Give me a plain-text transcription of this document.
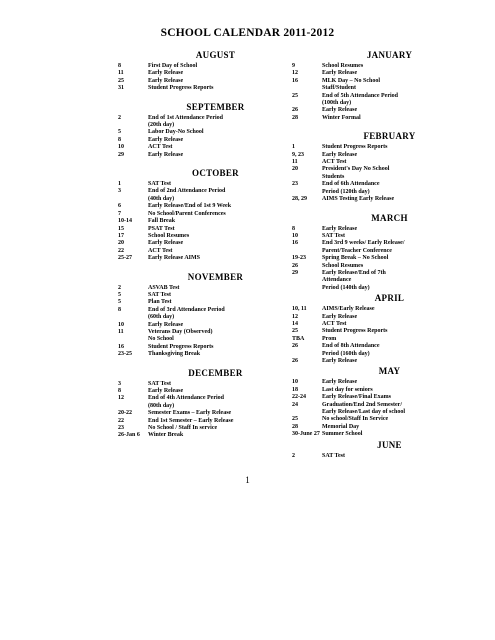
SCHOOL CALENDAR 2011-2012
AUGUST
8	First Day of School
11	Early Release
25	Early Release
31	Student Progress Reports
SEPTEMBER
2	End of 1st Attendance Period
(20th day)
5	Labor Day-No School
8	Early Release
10	ACT Test
29	Early Release
OCTOBER
1	SAT Test
3	End of 2nd Attendance Period
(40th day)
6	Early Release/End of 1st 9 Week
7	No School/Parent Conferences
10-14	Fall Break
15	PSAT Test
17	School Resumes
20	Early Release
22	ACT Test
25-27	Early Release AIMS
NOVEMBER
2	ASVAB Test
5	SAT Test
5	Plan Test
8	End of 3rd Attendance Period
(60th day)
10	Early Release
11	Veterans Day (Observed)
No School
16	Student Progress Reports
23-25	Thanksgiving Break
DECEMBER
3	SAT Test
8	Early Release
12	End of 4th Attendance Period
(80th day)
20-22	Semester Exams – Early Release
22	End 1st Semester – Early Release
23	No School / Staff In service
26-Jan 6	Winter Break
JANUARY
9	School Resumes
12	Early Release
16	MLK Day – No School
Staff/Student
25	End of 5th Attendance Period
(100th day)
26	Early Release
28	Winter Formal
FEBRUARY
1	Student Progress Reports
9, 23	Early Release
11	ACT Test
20	President's Day No School
Students
23	End of 6th Attendance
Period (120th day)
28, 29	AIMS Testing Early Release
MARCH
8	Early Release
10	SAT Test
16	End 3rd 9 weeks/ Early Release/
Parent/Teacher Conference
19-23	Spring Break – No School
26	School Resumes
29	Early Release/End of 7th
Attendance
Period (140th day)
APRIL
10, 11	AIMS/Early Release
12	Early Release
14	ACT Test
25	Student Progress Reports
TBA	Prom
26	End of 8th Attendance
Period (160th day)
26	Early Release
MAY
10	Early Release
18	Last day for seniors
22-24	Early Release/Final Exams
24	Graduation/End 2nd Semester/
Early Release/Last day of school
25	No school/Staff In Service
28	Memorial Day
30-June 27 Summer School
JUNE
2	SAT Test
1
